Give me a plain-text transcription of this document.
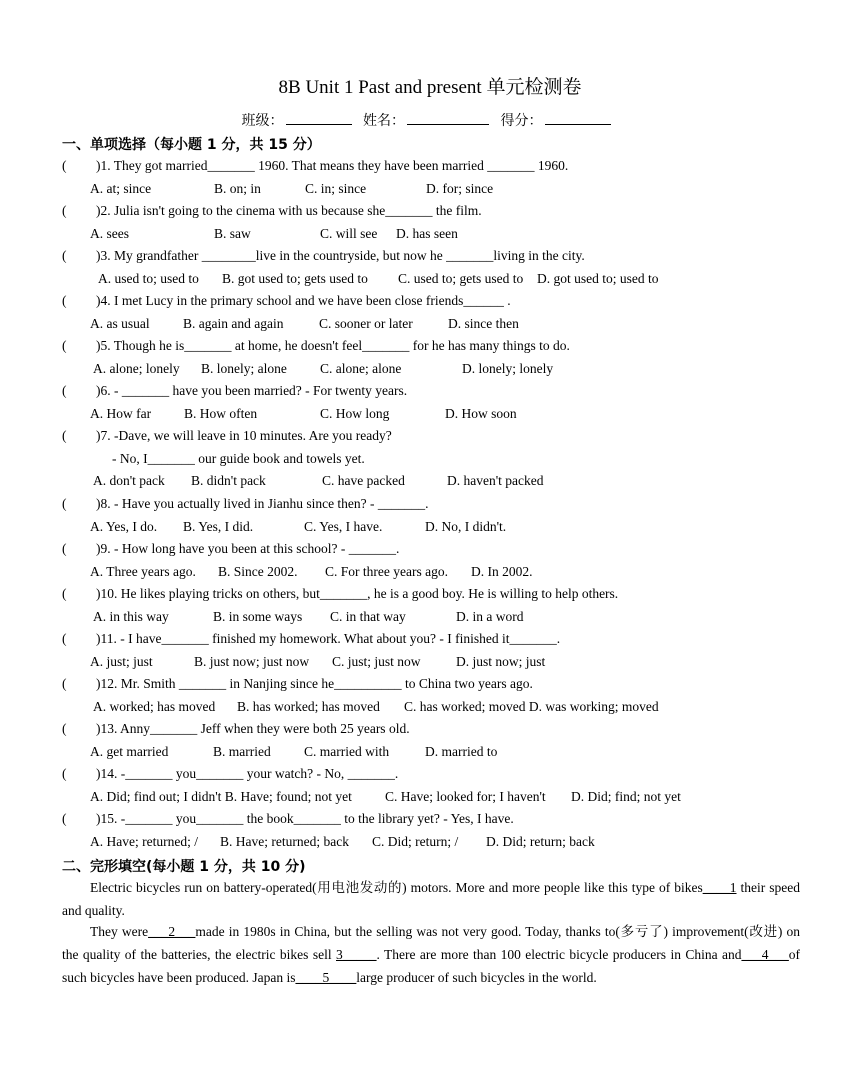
8B Unit 1 Past and present 单元检测卷
班级：	姓名：	得分：
一、单项选择（每小题 1 分，共 15 分）
( )1. They got married_______ 1960. That means they have been married _______ 1960.
A. at; since	B. on; in	C. in; since	D. for; since
( )2. Julia isn't going to the cinema with us because she_______ the film.
A. sees	B. saw	C. will see D. has seen
( )3. My grandfather ________live in the countryside, but now he _______living in the city.
A. used to; used to B. got used to; gets used to C. used to; gets used to D. got used to; used to
( )4. I met Lucy in the primary school and we have been close friends______ .
A. as usual B. again and again	C. sooner or later	D. since then
( )5. Though he is_______ at home, he doesn't feel_______ for he has many things to do.
A. alone; lonely B. lonely; alone C. alone; alone	D. lonely; lonely
( )6. - _______ have you been married? - For twenty years.
A. How far B. How often	C. How long	D. How soon
( )7. -Dave, we will leave in 10 minutes. Are you ready?
- No, I_______ our guide book and towels yet.
A. don't pack B. didn't pack	C. have packed	D. haven't packed
( )8. - Have you actually lived in Jianhu since then? - _______.
A. Yes, I do. B. Yes, I did.	C. Yes, I have.	D. No, I didn't.
( )9. - How long have you been at this school? - _______.
A. Three years ago. B. Since 2002. C. For three years ago. D. In 2002.
( )10. He likes playing tricks on others, but_______, he is a good boy. He is willing to help others.
A. in this way	B. in some ways C. in that way	D. in a word
( )11. - I have_______ finished my homework. What about you? - I finished it_______.
A. just; just	B. just now; just now C. just; just now	D. just now; just
( )12. Mr. Smith _______ in Nanjing since he__________ to China two years ago.
A. worked; has moved B. has worked; has moved C. has worked; moved D. was working; moved
( )13. Anny_______ Jeff when they were both 25 years old.
A. get married	B. married C. married with	D. married to
( )14. -_______ you_______ your watch? - No, _______.
A. Did; find out; I didn't B. Have; found; not yet C. Have; looked for; I haven't D. Did; find; not yet
( )15. -_______ you_______ the book_______ to the library yet? - Yes, I have.
A. Have; returned; / B. Have; returned; back C. Did; return; / D. Did; return; back
二、完形填空(每小题 1 分，共 10 分)
Electric bicycles run on battery-operated(用电池发动的) motors. More and more people like this type of bikes____1 their speed and quality.
They were___2___made in 1980s in China, but the selling was not very good. Today, thanks to(多亏了) improvement(改进) on the quality of the batteries, the electric bikes sell 3_____. There are more than 100 electric bicycle producers in China and___4___of such bicycles have been produced. Japan is____5____large producer of such bicycles in the world.
